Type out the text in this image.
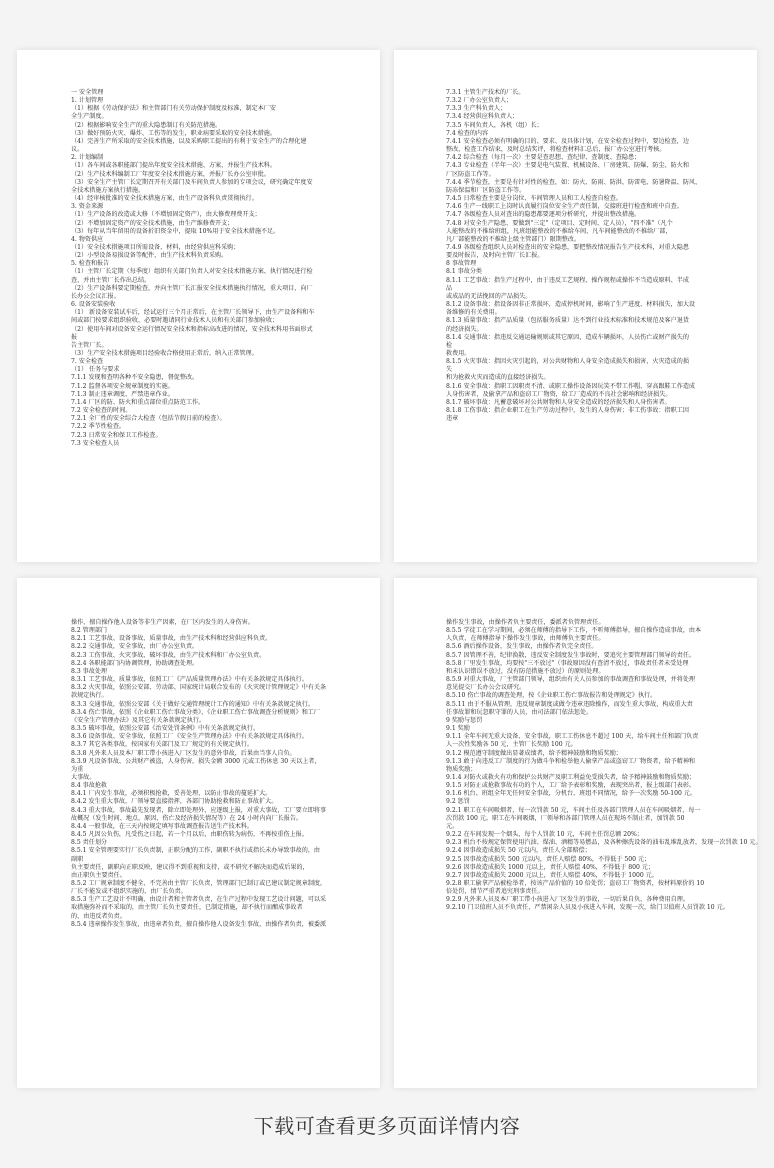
一 安全管理

1. 计划管理

（1）根据《劳动保护法》和主管部门有关劳动保护制度及标准，制定本厂安

全生产制度。

（2）根据影响安全生产的重大隐患制订有关防范措施。

（3）做好预防火灾、爆炸、工伤等的发生，职业病要采取的安全技术措施。

（4）完善生产所采取的安全技术措施，以及采购职工提出的有利于安全生产的合理化建

议。

2. 计划编制

（1）各车间或各职能部门提出年度安全技术措施、方案，并报生产技术科。

（2）生产技术科编制工厂年度安全技术措施方案，并报厂长办公室审批。

（3）安全生产主管厂长定期召开有关部门及车间负责人参加的专项会议，研究确定年度安

全技术措施方案执行措施。

（4）经审核批准的安全技术措施方案，由生产设备科负责贯彻执行。

3. 资金来源

（1）生产设备的改造或大修（不增加固定资产），由大修费理费开支；

（2）不增加固定资产的安全技术措施，由生产维修费开支；

（3）每年从当年留用的设备折旧资金中，提取 10%用于安全技术措施不足。

4. 物资供应

（1）安全技术措施项目所需设备、材料，由经营供应科采购；

（2）小型设备易损设备等配件，由生产技术科负责采购。

5. 检查和报告

（1）主管厂长定期（每季度）组织有关部门负责人对安全技术措施方案、执行情况进行检

查，并由主管厂长作出总结。

（2）生产设备科要定期检查，并向主管厂长汇报安全技术措施执行情况，重大项目，向厂

长办公会议汇报。

6. 设备安装验收

（1） 新设备安装试车后，经试运行三个月正常后，在主管厂长领导下，由生产设备科和车

间或部门按要求组织验收，必要时邀请同行业技术人员和有关部门参加验收；

（2）使用车间对设备安全运行情况安全技术和指标高改进的情况，安全技术科用书面形式

报

告主管厂长。

（3）生产安全技术措施项目经验收合格使用正常后，纳入正常管理。

7. 安全检查

（1） 任务与要求

7.1.1 发现和查明各种不安全隐患，督促整改。

7.1.2 监督各项安全规章制度的实施。

7.1.3 制止违章调度、严禁违章作业。

7.1.4 厂区的防、防火和重点部位重点防范工作。

7.2 安全检查的时间。

7.2.1 全厂性的安全综合大检查（包括节假日前的检查）。

7.2.2 季节性检查。

7.2.3 日常安全和保卫工作检查。

7.3 安全检查人员

7.3.1 主管生产技术的厂长。

7.3.2 厂办公室负责人；

7.3.3 生产科负责人；

7.3.4 经营供应科负责人；

7.3.5 车间负责人，各机（组）长；

7.4 检查的内容

7.4.1 安全检查必须有明确的目的、要求、及具体计划，在安全检查过程中，要边检查，边

整改，检查工作结束，及时总结奖评，将检查材料汇总后，报厂办公室进行考核。

7.4.2 综合检查（每月一次）主要是查思想、查纪律、查制度、查隐患；

7.4.3 专业检查（半年一次）主要是电气装置、机械设备、厂房建筑、防爆、防尘、防火和

厂区防盗工作等。

7.4.4 季节检查，主要是有针对性的检查，如：防火、防雨、防洪、防雷电、防暑降温、防风、

防冻保温和厂区防盗工作等。

7.4.5 日常检查主要是分岗位、车间管理人员和工人检查自检查。

7.4.6 生产一线职工上岗时认真履行岗位安全生产责任制，交接班进行检查和班中自查。

7.4.7 各级检查人员对查出的隐患都要逐项分析研究，并提出整改措施。

7.4.8 对安全生产隐患，要做到"三定"（定项目、定时间、定人员），"四不准"（凡个

人能整改的不推给班组，凡班组能整改的不推给车间，凡车间能整改的不推给厂部，

凡厂部能整改的不推给上级主管部门）限期整改。

7.4.9 各级检查组织人员对检查出的安全隐患，要把整改情况报告生产技术科，对重大隐患

要及时报告，及时向主管厂长汇报。

8 事故管理

8.1 事故分类

8.1.1 工艺事故：指生产过程中，由于违反工艺规程、操作规程或操作不当造成原料、半成

品

或成品的无法挽回的产品损失。

8.1.2 设备事故：指设备因非正常损坏，造成停机时间，影响了生产进度、材料损失，加大设

备维修的有关费用。

8.1.3 质量事故：指产品质量（包括服务质量）达不到行业技术标准和技术规范及客户退货

的经济损失。

8.1.4 交通事故：指违反交通运输规则或其它原因，造成车辆损坏，人员伤亡或财产损失的

检

救费用。

8.1.5 火灾事故：指因火灾引起的，对公共财物和人身安全造成损失和损害，火灾造成的损

失

和为抢救火灾而造成的直接经济损失。

8.1.6 安全事故：指职工因职责不清、或职工操作设备因玩笑不带工作帽、穿高跟鞋工作造成

人身伤害者，及偷拿产品和盗窃工厂物资，给工厂造成的不良社会影响和经济损失。

8.1.7 破坏事故：凡蓄意破坏对公共财物和人身安全造成的经济损失和人身伤害者。

8.1.8 工伤事故：指企业职工在生产劳动过程中，发生的人身伤害；非工伤事故：指职工因

违章

操作，擅自操作他人设备等非生产因素，在厂区内发生的人身伤害。

8.2 管理部门

8.2.1 工艺事故、设备事故、质量事故，由生产技术科和经营供应科负责。

8.2.2 交通事故，安全事故，由厂办公室负责。

8.2.3 工伤事故、火灾事故、破坏事故，由生产技术科和厂办公室负责。

8.2.4 各职能部门内协调管理，协助调查处理。

8.3 事故处理

8.3.1 工艺事故、质量事故，依照工厂《产品质量管理办法》中有关条款规定具体执行。

8.3.2 火灾事故，依照公安部、劳动部、国家统计局联合发布的《火灾统计管理规定》中有关条

款规定执行。

8.3.3 交通事故，依照公安部《关于做好交通管理统计工作的通知》中有关条款规定执行。

8.3.4 伤亡事故，依照《企业职工伤亡事故分类》，《企业职工伤亡事故调查分析规则》和工厂

《安全生产管理办法》及其它有关条款规定执行。

8.3.5 破坏事故，依照公安部《治安处罚条例》中有关条款规定执行。

8.3.6 设备事故、安全事故，依照工厂《安全生产管理办法》中有关条款规定具体执行。

8.3.7 其它各类事故，按国家有关部门及工厂规定的有关规定执行。

8.3.8 凡外来人员及本厂职工带小孩进入厂区发生的意外事故，后果由当事人自负。

8.3.9 凡设备事故、公共财产被盗，人身伤害，损失金额 3000 元或工伤休息 30 天以上者，

为重

大事故。

8.4 事故抢救

8.4.1 厂内发生事故，必须积极抢救，妥善处理，以防止事故的蔓延扩大。

8.4.2 发生重大事故，厂领导要直接指挥，各部门协助抢救和防止事故扩大。

8.4.3 重大事故，事故最先发现者，除立即处理外，应逐级上报，对重大事故，工厂要立即将事

故概况（发生时间、地点、原因、伤亡及经济损失情况等）在 24 小时内向厂长报告。

8.4.4 一般事故，在三天内按规定填写事故调查报告送生产技术科。

8.4.5 凡因公负伤，凡受伤之日起，若一个月以后，由职伤转为病伤，不再按重伤上报。

8.5 责任划分

8.5.1 安全管理要实行厂长负责制，正职分配的工作，副职不执行或指长未办导致事故的，由

副职

负主要责任，副职向正职反映，建议得不到重视和支持，或不研究不解决而造成后果的，

由正职负主要责任。

8.5.2 工厂规章制度不健全，不完善由主管厂长负责，管理部门已制订或已建议制定规章制度，

厂长不能发或不组织实施的，由厂长负责。

8.5.3 生产工艺设计不明确，由设计者和主管者负责，在生产过程中发现工艺设计问题，可以采

取措施弥补而不采取的，由主管厂长负主要责任，已制定措施，却不执行而酿成事故者

的，由违反者负责。

8.5.4 违章操作发生事故，由违章者负责，擅自操作他人设备发生事故，由操作者负责，被委派

操作发生事故，由操作者负主要责任，委派者负管理责任。

8.5.5 学徒工在学习期间，必须在师傅的指导下工作，不听师傅指导，擅自操作造成事故，由本

人负责，在师傅指导下操作发生事故，由师傅负主要责任。

8.5.6 酒后操作设备，发生事故，由操作者负完全责任。

8.5.7 因管理不善，纪律涣散，违反安全制度发生事故时，要追究主要管理部门领导的责任。

8.5.8 厂里发生事故，均要按"三不放过"（事故原因没有查清不放过，事故责任者未受处理

和未认识错误不放过，没有防范措施不放过）的原则处理。

8.5.9 对重大事故，厂主管部门领导，组织由有关人员参加的事故调查和事故处理，并将处理

意见提交厂长办公会议研究。

8.5.10 伤亡事故的调查处理，按《企业职工伤亡事故报告和处理规定》执行。

8.5.11 由于不服从管理，违反规章制度或做令违章违除操作，而发生重大事故，构成重大责

任事故罪和玩忽职守罪的人员，由司法部门依法惩处。

9 奖励与惩罚

9.1 奖励

9.1.1 全年车间无重大设备、安全事故，职工工伤休息不超过 100 天，给车间主任和部门负责

人一次性奖励各 50 元，主管厂长奖励 100 元。

9.1.2 模范遵守制度做出显著成绩者，给予精神鼓励和物质奖励；

9.1.3 敢于向违反工厂制度的行为做斗争和检举他人偷拿产品或盗窃工厂物资者，给予精神和

物质奖励；

9.1.4 对防火或救火有功和保护公共财产及职工利益免受损失者，给予精神鼓励和物质奖励；

9.1.5 对防止或抢救事故有功的个人，工厂给予表彰和奖励，表现突出者，报上级部门表彰。

9.1.6 机台、班组全年无任何安全事故，分机台、班组不同情况，给予一次奖励 50-100 元。

9.2 惩罚

9.2.1 职工在车间吸烟者，每一次罚款 50 元，车间主任及各部门管理人员在车间吸烟者，每一

次罚款 100 元。职工在车间吸烟，厂领导和各部门管理人员在现场不制止者，加罚款 50

元。

9.2.2 在车间发现一个烟头，每个人罚款 10 元，车间主任罚总额 20%；

9.2.3 机台不按规定保管使用汽油、煤油、酒精等易燃品，及各种擦洗设备的油布乱堆乱放者，发现一次罚款 10 元。

9.2.4 因事故造成损失 50 元以内，责任人全部赔偿；

9.2.5 因事故造成损失 500 元以内，责任人赔偿 80%，不得低于 500 元；

9.2.6 因事故造成损失 1000 元以上，责任人赔偿 40%，不得低于 800 元；

9.2.7 因事故造成损失 2000 元以上，责任人赔偿 40%，不得低于 1000 元。

9.2.8 职工偷拿产品被检举者，按该产品价值的 10 倍处罚；盗窃工厂物资者，按材料原价的 10

倍处罚，情节严重者追究刑事责任。

9.2.9 凡外来人员及本厂职工带小孩进入厂区发生的事故，一切后果自负，各种费用自理。

9.2.10 门卫值班人员不负责任，严禁闲杂人员及小孩进入车间，发现一次，给门卫值班人员罚款 10 元。

下载可查看更多页面详情内容
